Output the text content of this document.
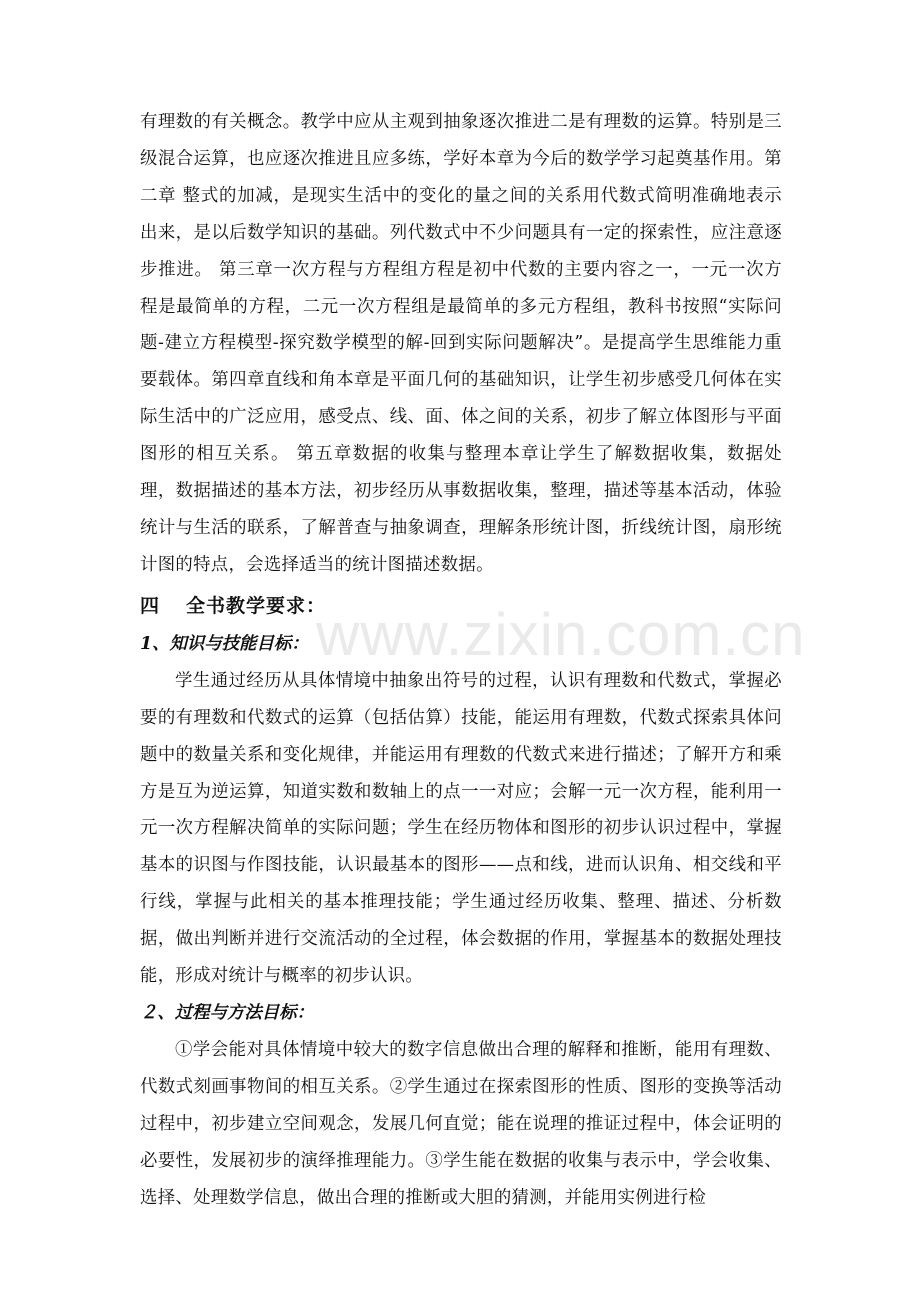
www.zixin.com.cn

有理数的有关概念。教学中应从主观到抽象逐次推进二是有理数的运算。特别是三级混合运算，也应逐次推进且应多练，学好本章为今后的数学学习起奠基作用。第二章 整式的加减，是现实生活中的变化的量之间的关系用代数式简明准确地表示出来，是以后数学知识的基础。列代数式中不少问题具有一定的探索性，应注意逐步推进。 第三章一次方程与方程组方程是初中代数的主要内容之一，一元一次方程是最简单的方程，二元一次方程组是最简单的多元方程组，教科书按照“实际问题-建立方程模型-探究数学模型的解-回到实际问题解决”。是提高学生思维能力重要载体。第四章直线和角本章是平面几何的基础知识，让学生初步感受几何体在实际生活中的广泛应用，感受点、线、面、体之间的关系，初步了解立体图形与平面图形的相互关系。 第五章数据的收集与整理本章让学生了解数据收集，数据处理，数据描述的基本方法，初步经历从事数据收集，整理，描述等基本活动，体验统计与生活的联系，了解普查与抽象调查，理解条形统计图，折线统计图，扇形统计图的特点，会选择适当的统计图描述数据。

四 全书教学要求：

1、知识与技能目标：

学生通过经历从具体情境中抽象出符号的过程，认识有理数和代数式，掌握必要的有理数和代数式的运算（包括估算）技能，能运用有理数，代数式探索具体问题中的数量关系和变化规律，并能运用有理数的代数式来进行描述；了解开方和乘方是互为逆运算，知道实数和数轴上的点一一对应；会解一元一次方程，能利用一元一次方程解决简单的实际问题；学生在经历物体和图形的初步认识过程中，掌握基本的识图与作图技能，认识最基本的图形——点和线，进而认识角、相交线和平行线，掌握与此相关的基本推理技能；学生通过经历收集、整理、描述、分析数据，做出判断并进行交流活动的全过程，体会数据的作用，掌握基本的数据处理技能，形成对统计与概率的初步认识。

２、过程与方法目标：

①学会能对具体情境中较大的数字信息做出合理的解释和推断，能用有理数、代数式刻画事物间的相互关系。②学生通过在探索图形的性质、图形的变换等活动过程中，初步建立空间观念，发展几何直觉；能在说理的推证过程中，体会证明的必要性，发展初步的演绎推理能力。③学生能在数据的收集与表示中，学会收集、选择、处理数学信息，做出合理的推断或大胆的猜测，并能用实例进行检
